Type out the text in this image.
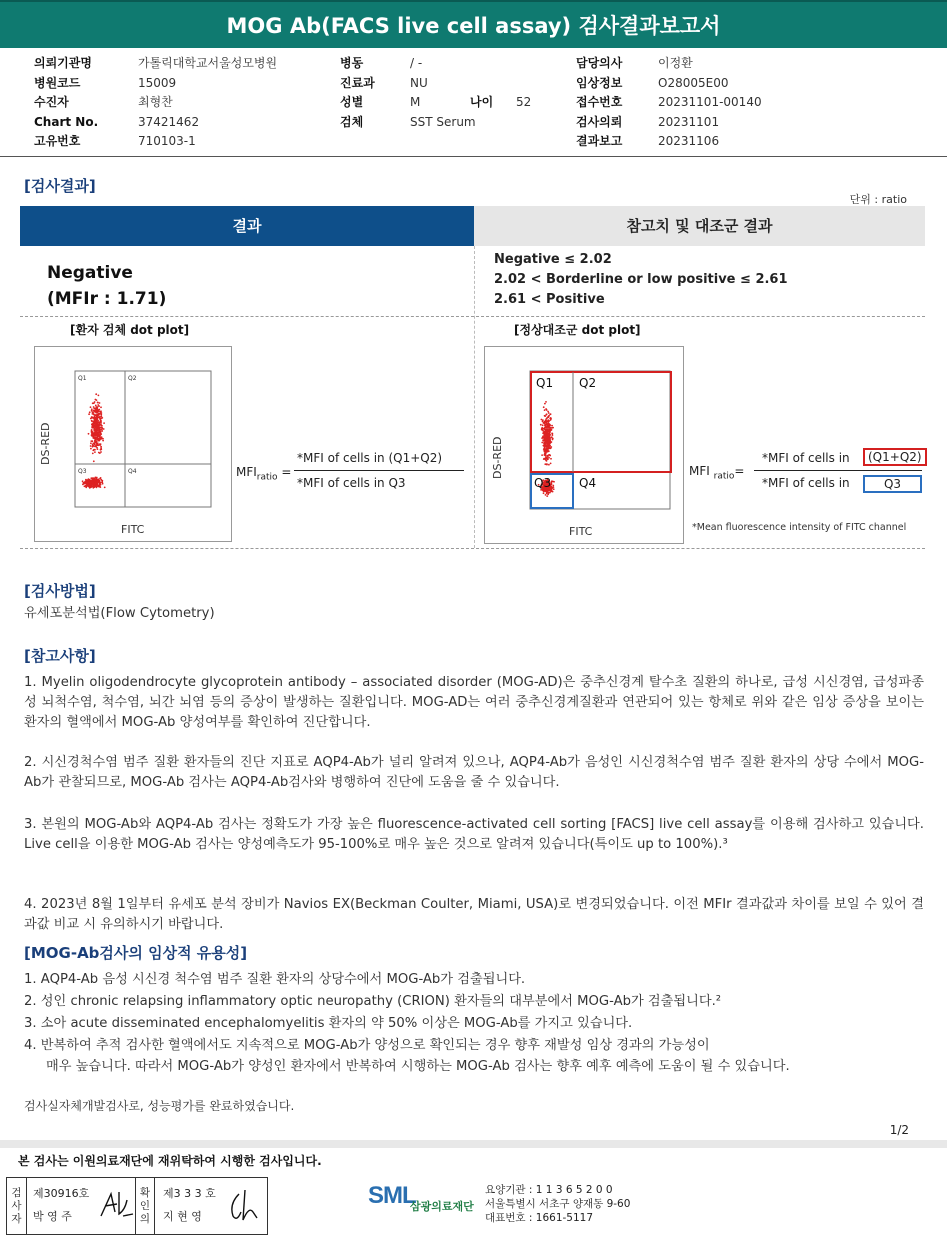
MOG Ab(FACS live cell assay) 검사결과보고서
의뢰기관명	가톨릭대학교서울성모병원
병원코드	15009
수진자	최형찬
Chart No.	37421462
고유번호	710103-1
병동	/ -
진료과	NU
성별	M	나이	52
검체	SST Serum
담당의사	이정환
임상정보	O28005E00
접수번호	20231101-00140
검사의뢰	20231101
결과보고	20231106
[검사결과]
단위 : ratio
결과	참고치 및 대조군 결과
Negative
(MFIr : 1.71)
Negative ≤ 2.02
2.02 < Borderline or low positive ≤ 2.61
2.61 < Positive
[환자 검체 dot plot]
Q1	Q2
Q3	Q4
DS-RED
FITC
$MFI_{ratio}$ =
*MFI of cells in (Q1+Q2)
*MFI of cells in Q3
[정상대조군 dot plot]
Q1 Q2
Q3 Q4
DS-RED
FITC
MFI $_{ratio}$=
*MFI of cells in	(Q1+Q2)
*MFI of cells in	Q3
*Mean fluorescence intensity of FITC channel
[검사방법]
유세포분석법(Flow Cytometry)
[참고사항]
1. Myelin oligodendrocyte glycoprotein antibody – associated disorder (MOG-AD)은 중추신경계 탈수초 질환의 하나로, 급성 시신경염, 급성파종성 뇌척수염, 척수염, 뇌간 뇌염 등의 증상이 발생하는 질환입니다. MOG-AD는 여러 중추신경계질환과 연관되어 있는 항체로 위와 같은 임상 증상을 보이는 환자의 혈액에서 MOG-Ab 양성여부를 확인하여 진단합니다.
2. 시신경척수염 범주 질환 환자들의 진단 지표로 AQP4-Ab가 널리 알려져 있으나, AQP4-Ab가 음성인 시신경척수염 범주 질환 환자의 상당 수에서 MOG-Ab가 관찰되므로, MOG-Ab 검사는 AQP4-Ab검사와 병행하여 진단에 도움을 줄 수 있습니다.
3. 본원의 MOG-Ab와 AQP4-Ab 검사는 정확도가 가장 높은 fluorescence-activated cell sorting [FACS] live cell assay를 이용해 검사하고 있습니다. Live cell을 이용한 MOG-Ab 검사는 양성예측도가 95-100%로 매우 높은 것으로 알려져 있습니다(특이도 up to 100%).³
4. 2023년 8월 1일부터 유세포 분석 장비가 Navios EX(Beckman Coulter, Miami, USA)로 변경되었습니다. 이전 MFIr 결과값과 차이를 보일 수 있어 결과값 비교 시 유의하시기 바랍니다.
[MOG-Ab검사의 임상적 유용성]
1. AQP4-Ab 음성 시신경 척수염 범주 질환 환자의 상당수에서 MOG-Ab가 검출됩니다.
2. 성인 chronic relapsing inflammatory optic neuropathy (CRION) 환자들의 대부분에서 MOG-Ab가 검출됩니다.²
3. 소아 acute disseminated encephalomyelitis 환자의 약 50% 이상은 MOG-Ab를 가지고 있습니다.
4. 반복하여 추적 검사한 혈액에서도 지속적으로 MOG-Ab가 양성으로 확인되는 경우 향후 재발성 임상 경과의 가능성이
매우 높습니다. 따라서 MOG-Ab가 양성인 환자에서 반복하여 시행하는 MOG-Ab 검사는 향후 예후 예측에 도움이 될 수 있습니다.
검사실자체개발검사로, 성능평가를 완료하였습니다.
1/2
본 검사는 이원의료재단에 재위탁하여 시행한 검사입니다.
검사자
제30916호
박 영 주
확인의
제3 3 3 호
지 현 영
SML
삼광의료재단
요양기관 : 1 1 3 6 5 2 0 0
서울특별시 서초구 양재동 9-60
대표번호 : 1661-5117
